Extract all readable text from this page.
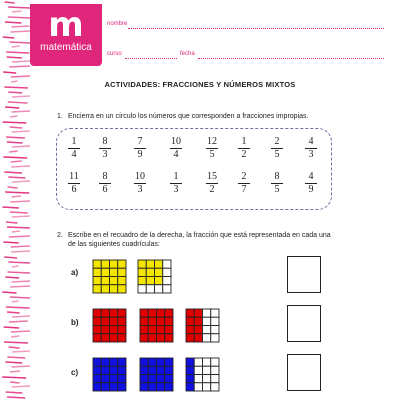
m
matemática
6º básico
nombre
curso	fecha
ACTIVIDADES: FRACCIONES Y NÚMEROS MIXTOS
1. Encierra en un círculo los números que corresponden a fracciones impropias.
1
4
8
3
7
9
10
4
12
5
1
2
2
5
4
3
11
6
8
6
10
3
1
3
15
2
2
7
8
5
4
9
2. Escribe en el recuadro de la derecha, la fracción que está representada en cada una
de las siguientes cuadrículas:
a)
b)
c)
